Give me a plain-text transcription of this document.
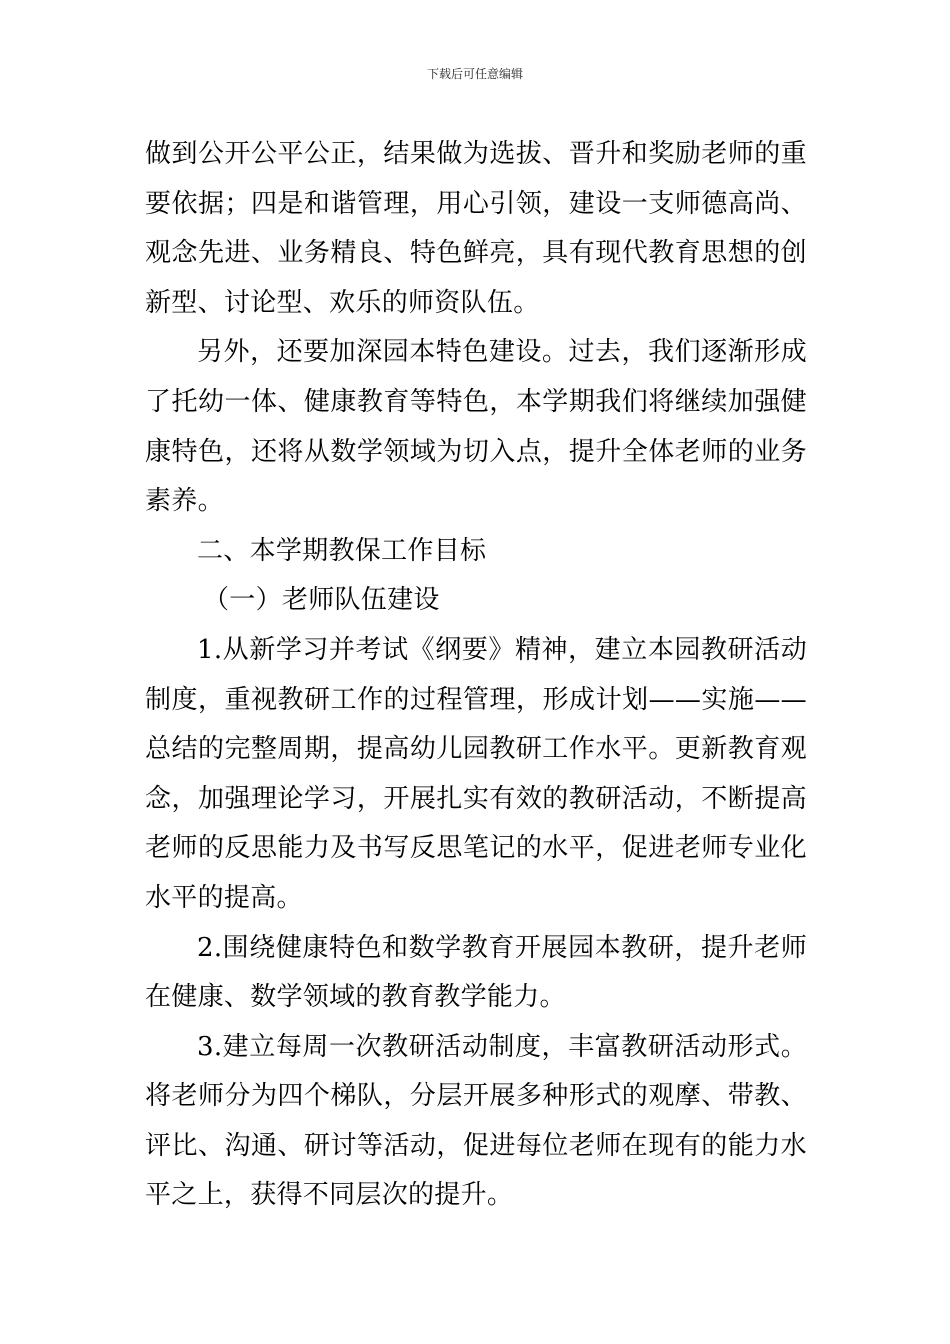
下载后可任意编辑

做到公开公平公正，结果做为选拔、晋升和奖励老师的重要依据；四是和谐管理，用心引领，建设一支师德高尚、观念先进、业务精良、特色鲜亮，具有现代教育思想的创新型、讨论型、欢乐的师资队伍。

另外，还要加深园本特色建设。过去，我们逐渐形成了托幼一体、健康教育等特色，本学期我们将继续加强健康特色，还将从数学领域为切入点，提升全体老师的业务素养。

二、本学期教保工作目标

（一）老师队伍建设

1.从新学习并考试《纲要》精神，建立本园教研活动制度，重视教研工作的过程管理，形成计划——实施——总结的完整周期，提高幼儿园教研工作水平。更新教育观念，加强理论学习，开展扎实有效的教研活动，不断提高老师的反思能力及书写反思笔记的水平，促进老师专业化水平的提高。

2.围绕健康特色和数学教育开展园本教研，提升老师在健康、数学领域的教育教学能力。

3.建立每周一次教研活动制度，丰富教研活动形式。将老师分为四个梯队，分层开展多种形式的观摩、带教、评比、沟通、研讨等活动，促进每位老师在现有的能力水平之上，获得不同层次的提升。
